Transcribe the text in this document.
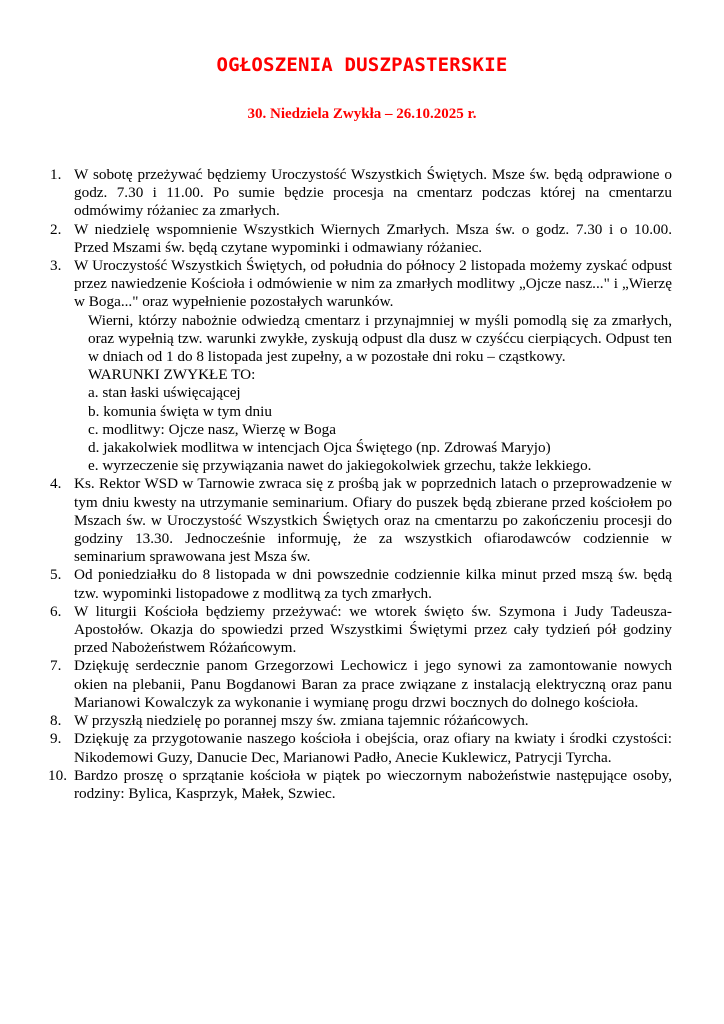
OGŁOSZENIA DUSZPASTERSKIE
30. Niedziela Zwykła – 26.10.2025 r.
1. W sobotę przeżywać będziemy Uroczystość Wszystkich Świętych. Msze św. będą odprawione o godz. 7.30 i 11.00. Po sumie będzie procesja na cmentarz podczas której na cmentarzu odmówimy różaniec za zmarłych.
2. W niedzielę wspomnienie Wszystkich Wiernych Zmarłych. Msza św. o godz. 7.30 i o 10.00. Przed Mszami św. będą czytane wypominki i odmawiany różaniec.
3. W Uroczystość Wszystkich Świętych, od południa do północy 2 listopada możemy zyskać odpust przez nawiedzenie Kościoła i odmówienie w nim za zmarłych modlitwy „Ojcze nasz..." i „Wierzę w Boga..." oraz wypełnienie pozostałych warunków.
Wierni, którzy nabożnie odwiedzą cmentarz i przynajmniej w myśli pomodlą się za zmarłych, oraz wypełnią tzw. warunki zwykłe, zyskują odpust dla dusz w czyśćcu cierpiących. Odpust ten w dniach od 1 do 8 listopada jest zupełny, a w pozostałe dni roku – cząstkowy.
WARUNKI ZWYKŁE TO:
a. stan łaski uświęcającej
b. komunia święta w tym dniu
c. modlitwy: Ojcze nasz, Wierzę w Boga
d. jakakolwiek modlitwa w intencjach Ojca Świętego (np. Zdrowaś Maryjo)
e. wyrzeczenie się przywiązania nawet do jakiegokolwiek grzechu, także lekkiego.
4. Ks. Rektor WSD w Tarnowie zwraca się z prośbą jak w poprzednich latach o przeprowadzenie w tym dniu kwesty na utrzymanie seminarium. Ofiary do puszek będą zbierane przed kościołem po Mszach św. w Uroczystość Wszystkich Świętych oraz na cmentarzu po zakończeniu procesji do godziny 13.30. Jednocześnie informuję, że za wszystkich ofiarodawców codziennie w seminarium sprawowana jest Msza św.
5. Od poniedziałku do 8 listopada w dni powszednie codziennie kilka minut przed mszą św. będą tzw. wypominki listopadowe z modlitwą za tych zmarłych.
6. W liturgii Kościoła będziemy przeżywać: we wtorek święto św. Szymona i Judy Tadeusza-Apostołów. Okazja do spowiedzi przed Wszystkimi Świętymi przez cały tydzień pół godziny przed Nabożeństwem Różańcowym.
7. Dziękuję serdecznie panom Grzegorzowi Lechowicz i jego synowi za zamontowanie nowych okien na plebanii, Panu Bogdanowi Baran za prace związane z instalacją elektryczną oraz panu Marianowi Kowalczyk za wykonanie i wymianę progu drzwi bocznych do dolnego kościoła.
8. W przyszłą niedzielę po porannej mszy św. zmiana tajemnic różańcowych.
9. Dziękuję za przygotowanie naszego kościoła i obejścia, oraz ofiary na kwiaty i środki czystości: Nikodemowi Guzy, Danucie Dec, Marianowi Padło, Anecie Kuklewicz, Patrycji Tyrcha.
10. Bardzo proszę o sprzątanie kościoła w piątek po wieczornym nabożeństwie następujące osoby, rodziny: Bylica, Kasprzyk, Małek, Szwiec.
